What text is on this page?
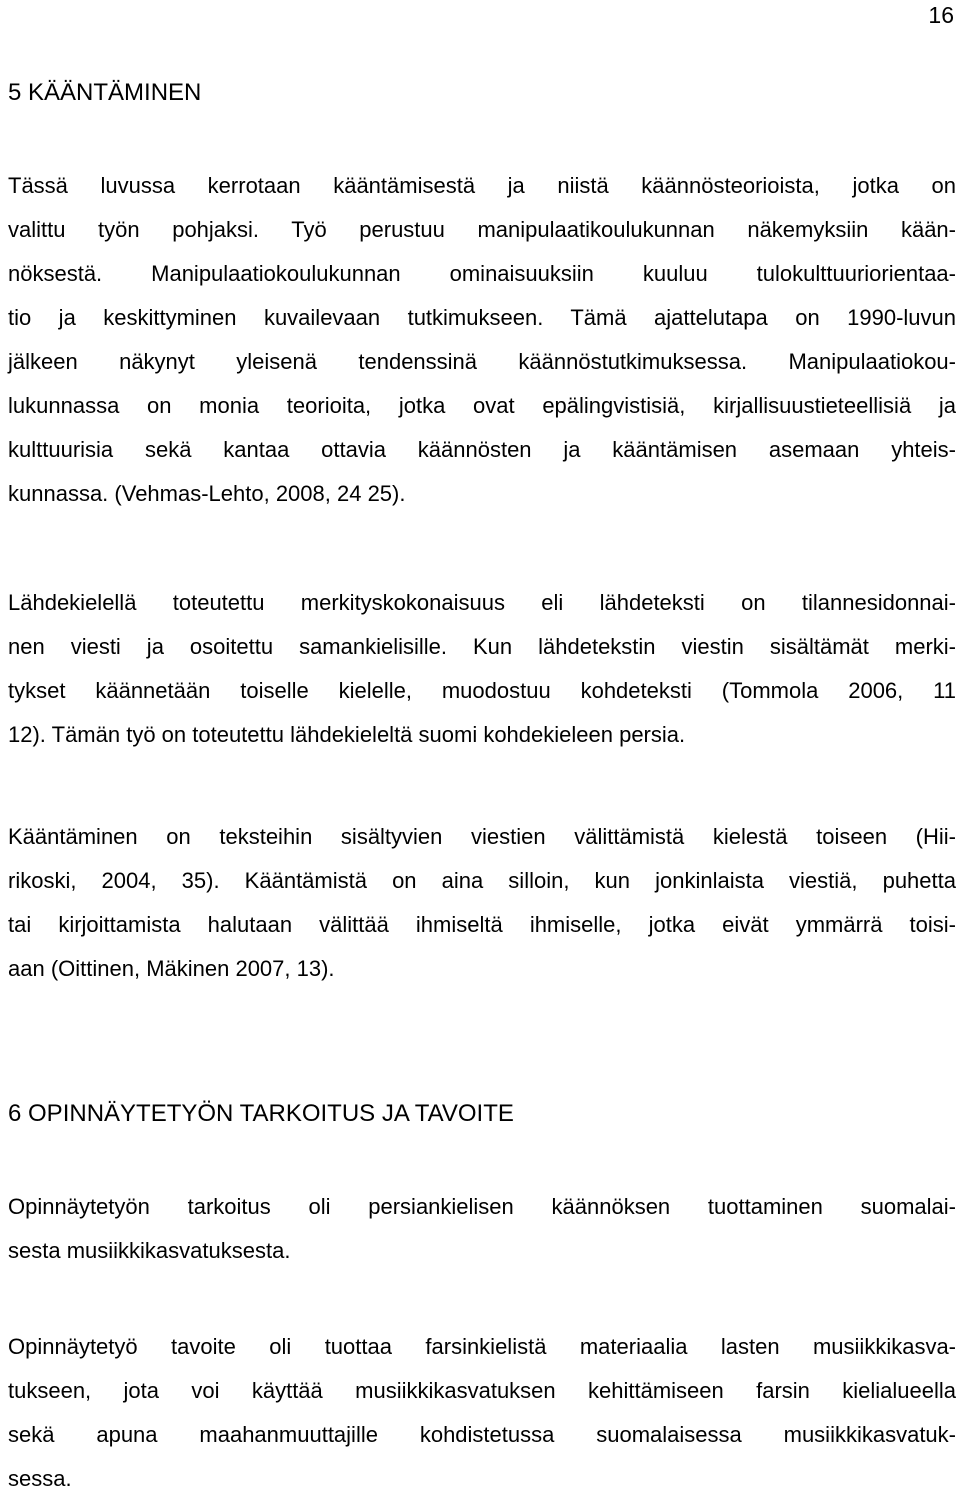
16
5 KÄÄNTÄMINEN
Tässä luvussa kerrotaan kääntämisestä ja niistä käännösteorioista, jotka on
valittu työn pohjaksi. Työ perustuu manipulaatikoulukunnan näkemyksiin kään-
nöksestä. Manipulaatiokoulukunnan ominaisuuksiin kuuluu tulokulttuuriorientaa-
tio ja keskittyminen kuvailevaan tutkimukseen. Tämä ajattelutapa on 1990-luvun
jälkeen näkynyt yleisenä tendenssinä käännöstutkimuksessa. Manipulaatiokou-
lukunnassa on monia teorioita, jotka ovat epälingvistisiä, kirjallisuustieteellisiä ja
kulttuurisia sekä kantaa ottavia käännösten ja kääntämisen asemaan yhteis-
kunnassa. (Vehmas-Lehto, 2008, 24 25).
Lähdekielellä toteutettu merkityskokonaisuus eli lähdeteksti on tilannesidonnai-
nen viesti ja osoitettu samankielisille. Kun lähdetekstin viestin sisältämät merki-
tykset käännetään toiselle kielelle, muodostuu kohdeteksti (Tommola 2006, 11
12). Tämän työ on toteutettu lähdekieleltä suomi kohdekieleen persia.
Kääntäminen on teksteihin sisältyvien viestien välittämistä kielestä toiseen (Hii-
rikoski, 2004, 35). Kääntämistä on aina silloin, kun jonkinlaista viestiä, puhetta
tai kirjoittamista halutaan välittää ihmiseltä ihmiselle, jotka eivät ymmärrä toisi-
aan (Oittinen, Mäkinen 2007, 13).
6 OPINNÄYTETYÖN TARKOITUS JA TAVOITE
Opinnäytetyön tarkoitus oli persiankielisen käännöksen tuottaminen suomalai-
sesta musiikkikasvatuksesta.
Opinnäytetyö tavoite oli tuottaa farsinkielistä materiaalia lasten musiikkikasva-
tukseen, jota voi käyttää musiikkikasvatuksen kehittämiseen farsin kielialueella
sekä apuna maahanmuuttajille kohdistetussa suomalaisessa musiikkikasvatuk-
sessa.
